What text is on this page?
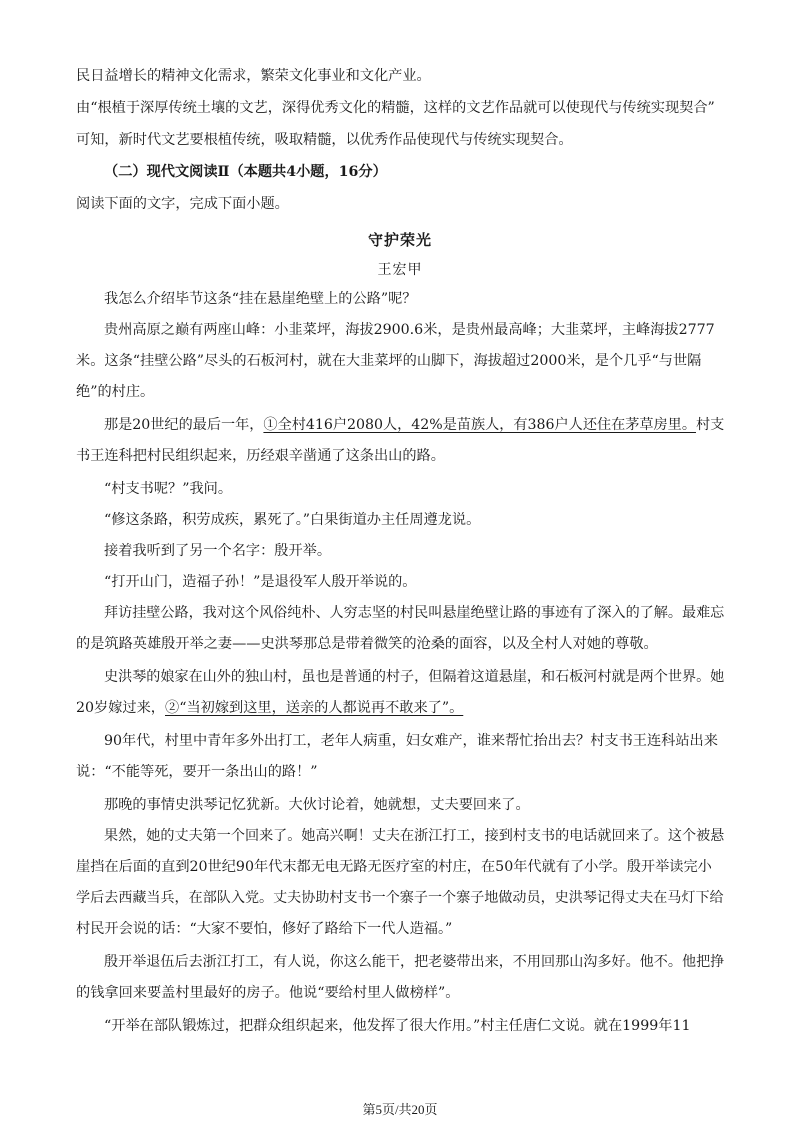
民日益增长的精神文化需求，繁荣文化事业和文化产业。
由“根植于深厚传统土壤的文艺，深得优秀文化的精髓，这样的文艺作品就可以使现代与传统实现契合”
可知，新时代文艺要根植传统，吸取精髓，以优秀作品使现代与传统实现契合。
（二）现代文阅读Ⅱ（本题共4小题，16分）
阅读下面的文字，完成下面小题。
守护荣光
王宏甲
我怎么介绍毕节这条“挂在悬崖绝壁上的公路”呢？
贵州高原之巅有两座山峰：小韭菜坪，海拔2900.6米，是贵州最高峰；大韭菜坪，主峰海拔2777
米。这条“挂壁公路”尽头的石板河村，就在大韭菜坪的山脚下，海拔超过2000米，是个几乎“与世隔
绝”的村庄。
那是20世纪的最后一年，①全村416户2080人，42%是苗族人，有386户人还住在茅草房里。村支
书王连科把村民组织起来，历经艰辛凿通了这条出山的路。
“村支书呢？”我问。
“修这条路，积劳成疾，累死了。”白果街道办主任周遵龙说。
接着我听到了另一个名字：殷开举。
“打开山门，造福子孙！”是退役军人殷开举说的。
拜访挂壁公路，我对这个风俗纯朴、人穷志坚的村民叫悬崖绝壁让路的事迹有了深入的了解。最难忘
的是筑路英雄殷开举之妻——史洪琴那总是带着微笑的沧桑的面容，以及全村人对她的尊敬。
史洪琴的娘家在山外的独山村，虽也是普通的村子，但隔着这道悬崖，和石板河村就是两个世界。她
20岁嫁过来，②“当初嫁到这里，送亲的人都说再不敢来了”。
90年代，村里中青年多外出打工，老年人病重，妇女难产，谁来帮忙抬出去？村支书王连科站出来
说：“不能等死，要开一条出山的路！”
那晚的事情史洪琴记忆犹新。大伙讨论着，她就想，丈夫要回来了。
果然，她的丈夫第一个回来了。她高兴啊！丈夫在浙江打工，接到村支书的电话就回来了。这个被悬
崖挡在后面的直到20世纪90年代末都无电无路无医疗室的村庄，在50年代就有了小学。殷开举读完小
学后去西藏当兵，在部队入党。丈夫协助村支书一个寨子一个寨子地做动员，史洪琴记得丈夫在马灯下给
村民开会说的话：“大家不要怕，修好了路给下一代人造福。”
殷开举退伍后去浙江打工，有人说，你这么能干，把老婆带出来，不用回那山沟多好。他不。他把挣
的钱拿回来要盖村里最好的房子。他说“要给村里人做榜样”。
“开举在部队锻炼过，把群众组织起来，他发挥了很大作用。”村主任唐仁文说。就在1999年11
第5页/共20页
